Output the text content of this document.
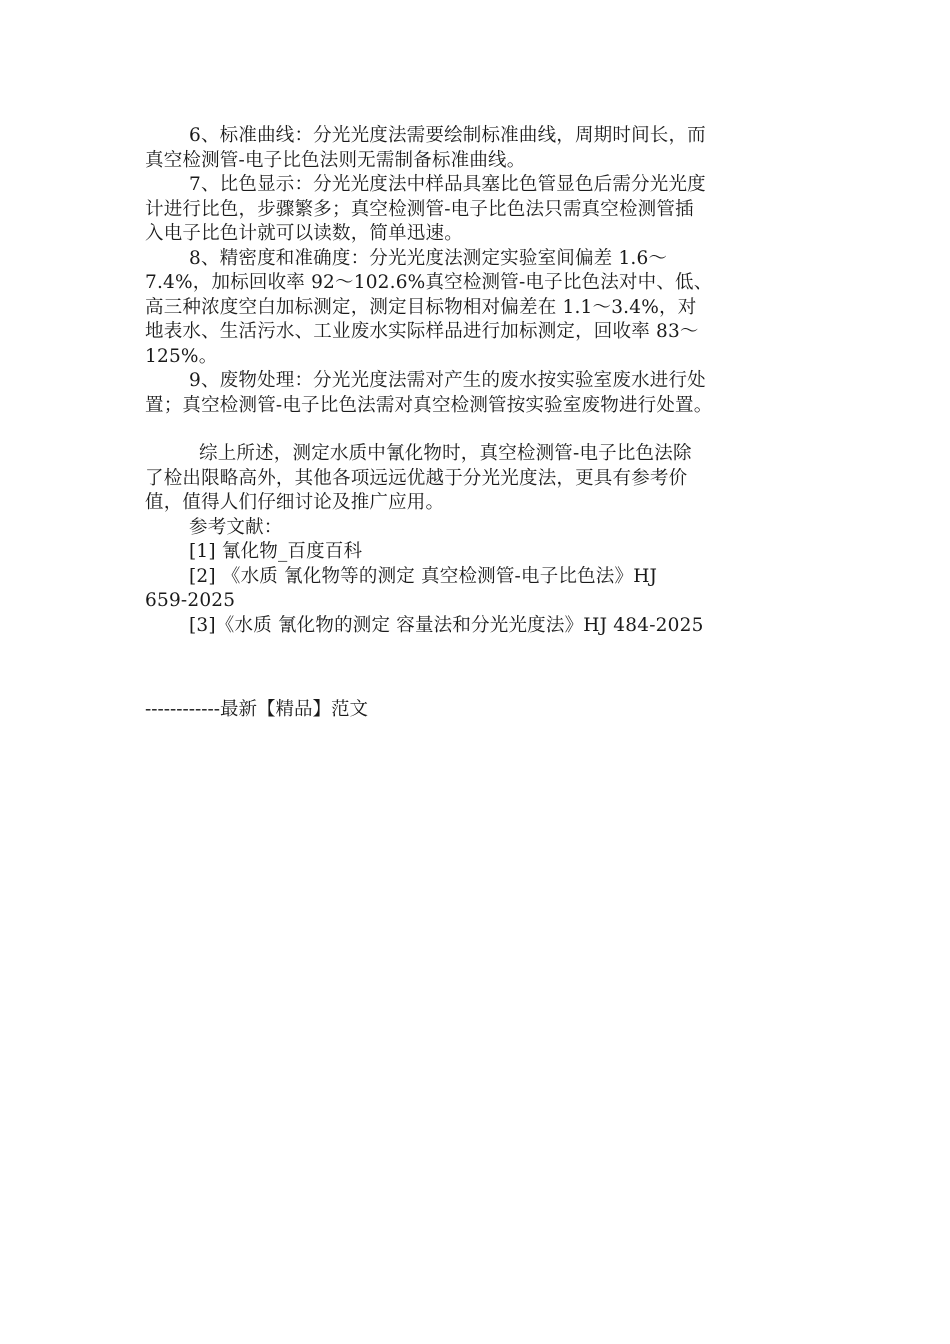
6、标准曲线：分光光度法需要绘制标准曲线，周期时间长，而
真空检测管-电子比色法则无需制备标准曲线。
7、比色显示：分光光度法中样品具塞比色管显色后需分光光度
计进行比色，步骤繁多；真空检测管-电子比色法只需真空检测管插
入电子比色计就可以读数，简单迅速。
8、精密度和准确度：分光光度法测定实验室间偏差 1.6～
7.4%，加标回收率 92～102.6%真空检测管-电子比色法对中、低、
高三种浓度空白加标测定，测定目标物相对偏差在 1.1～3.4%，对
地表水、生活污水、工业废水实际样品进行加标测定，回收率 83～
125%。
9、废物处理：分光光度法需对产生的废水按实验室废水进行处
置；真空检测管-电子比色法需对真空检测管按实验室废物进行处置。
综上所述，测定水质中氰化物时，真空检测管-电子比色法除
了检出限略高外，其他各项远远优越于分光光度法，更具有参考价
值，值得人们仔细讨论及推广应用。
参考文献：
[1] 氰化物_百度百科
[2] 《水质 氰化物等的测定 真空检测管-电子比色法》HJ
659-2025
[3]《水质 氰化物的测定 容量法和分光光度法》HJ 484-2025
------------最新【精品】范文
